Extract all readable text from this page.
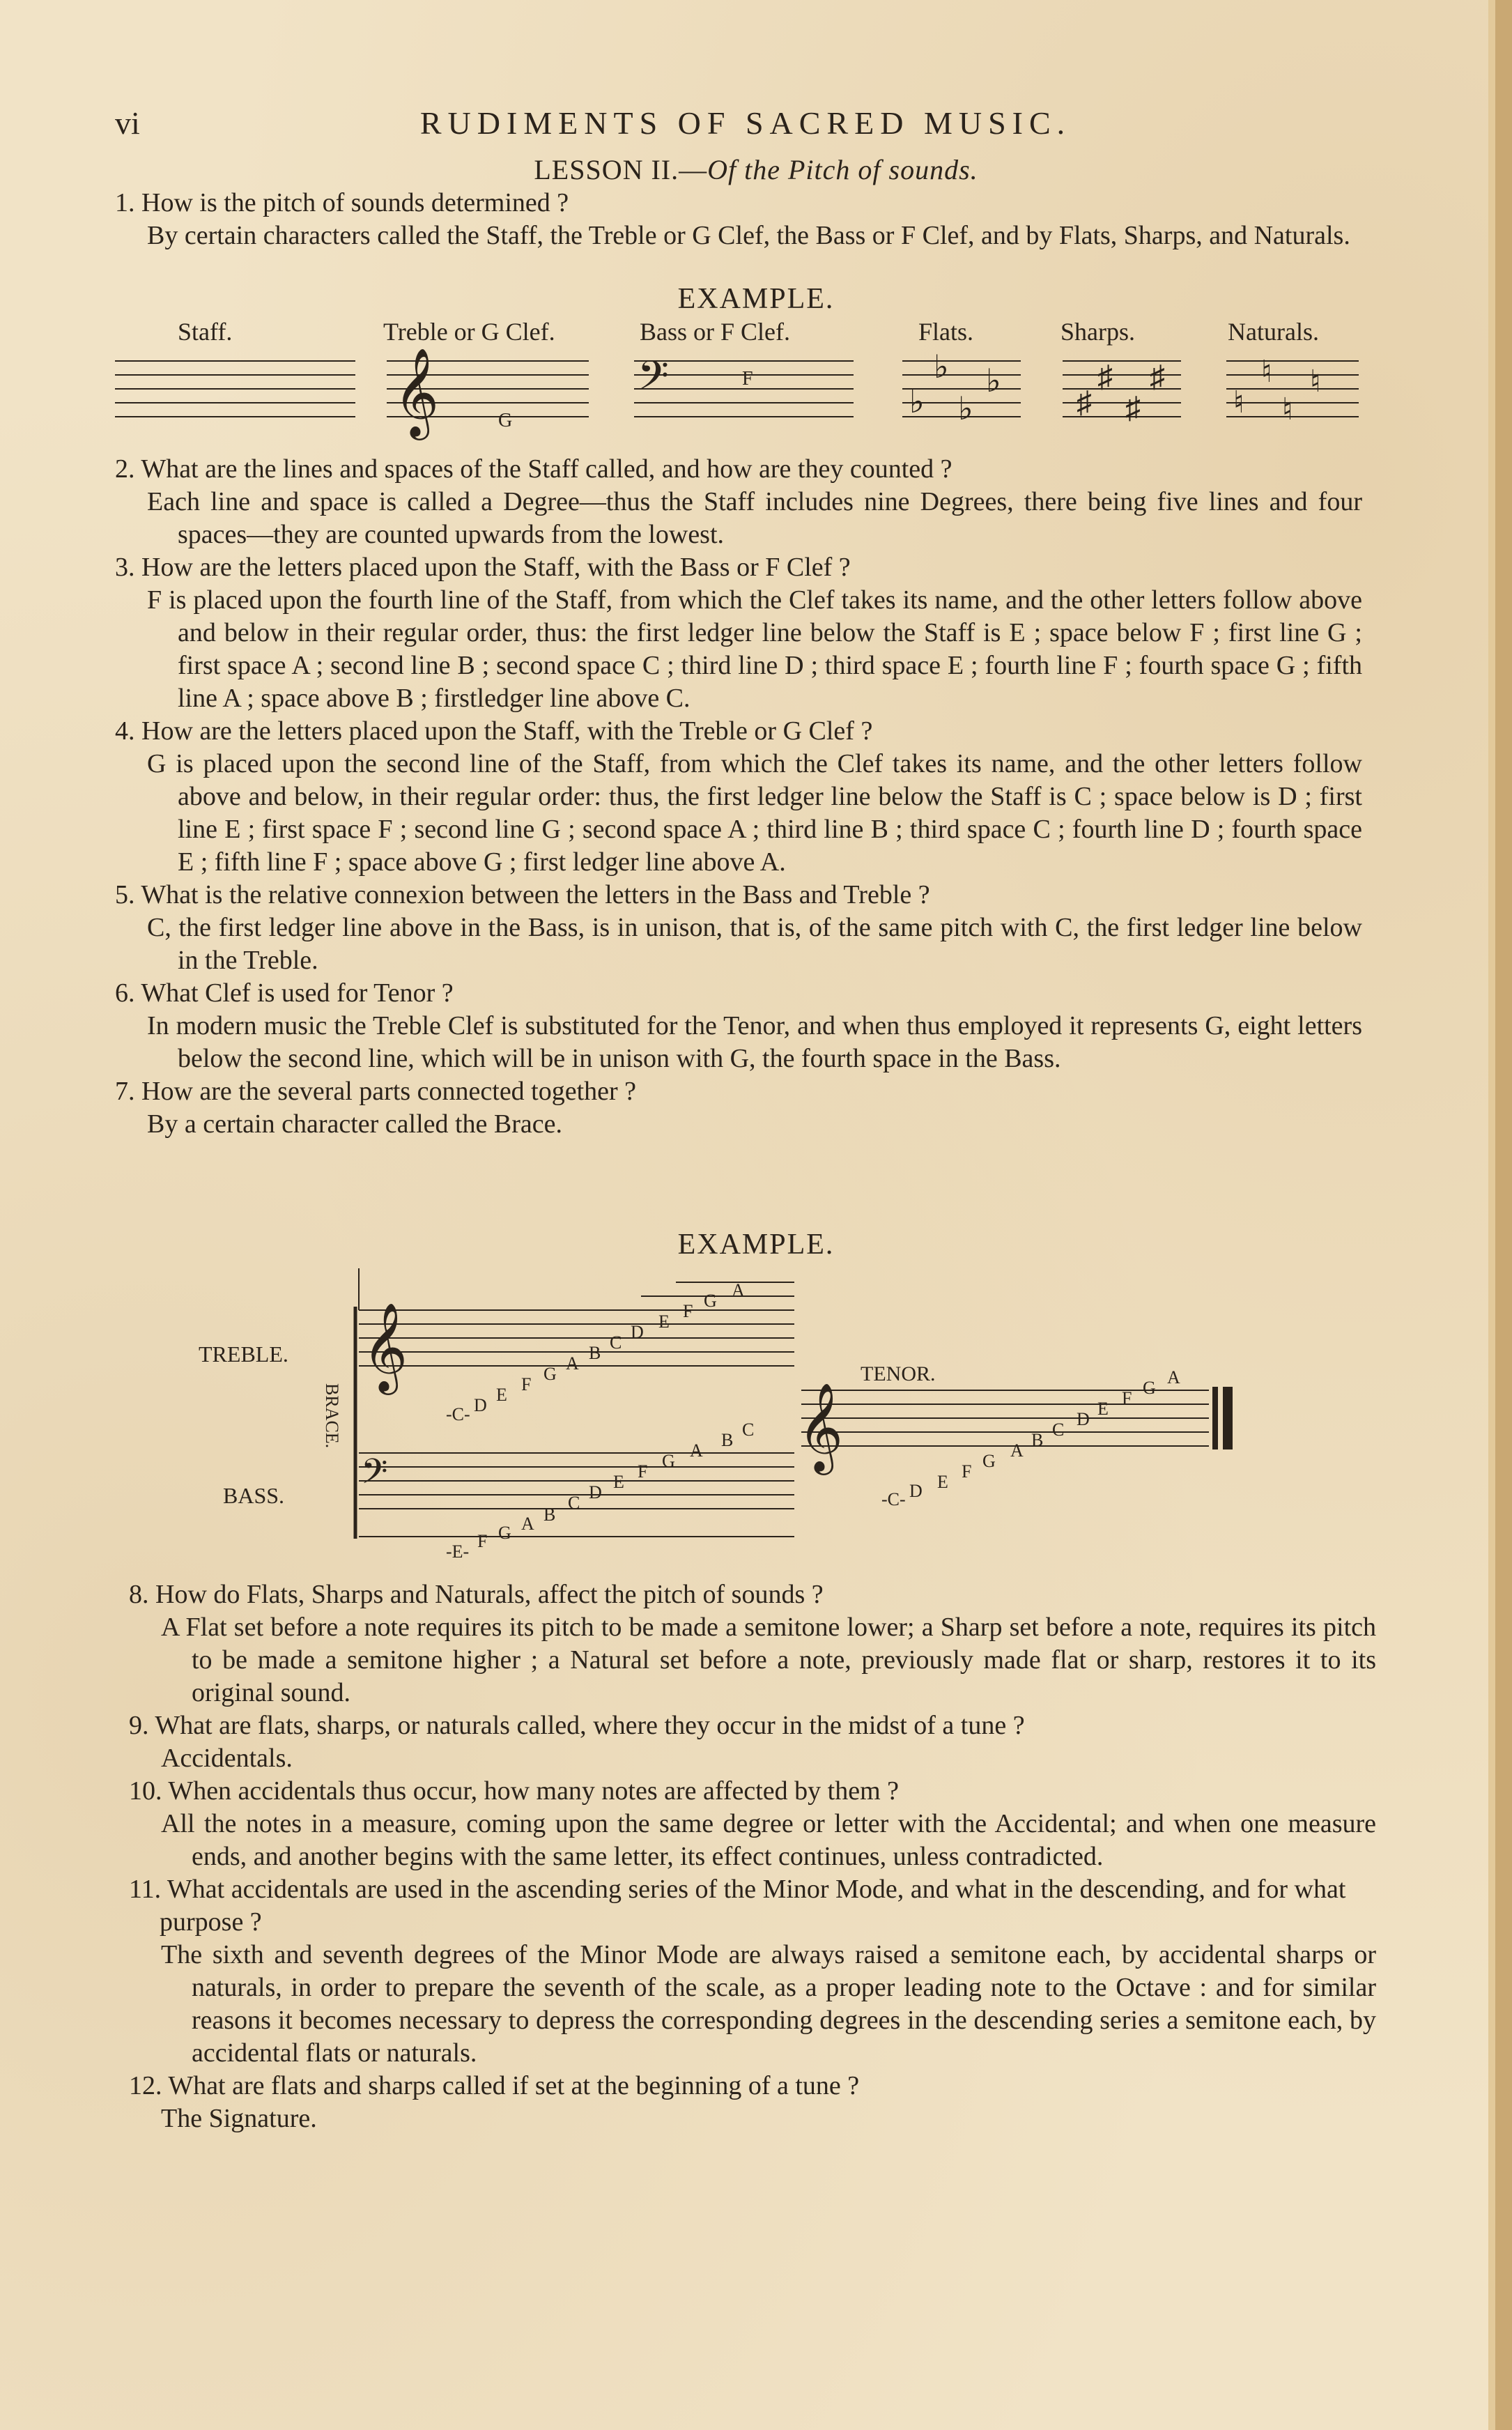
vi	RUDIMENTS OF SACRED MUSIC.
LESSON II.—Of the Pitch of sounds.
1. How is the pitch of sounds determined ?
By certain characters called the Staff, the Treble or G Clef, the Bass or F Clef, and by Flats, Sharps, and Naturals.
EXAMPLE.
Staff.	Treble or G Clef.	Bass or F Clef.	Flats.	Sharps.	Naturals.
𝄞	G
𝄢	F	♭ ♭
♭ ♭
♯ ♯
♯ ♯
♮ ♮
♮ ♮
2. What are the lines and spaces of the Staff called, and how are they counted ?
Each line and space is called a Degree—thus the Staff includes nine Degrees, there being five lines and four spaces—they are counted upwards from the lowest.
3. How are the letters placed upon the Staff, with the Bass or F Clef ?
F is placed upon the fourth line of the Staff, from which the Clef takes its name, and the other letters follow above and below in their regular order, thus: the first ledger line below the Staff is E ; space below F ; first line G ; first space A ; second line B ; second space C ; third line D ; third space E ; fourth line F ; fourth space G ; fifth line A ; space above B ; firstledger line above C.
4. How are the letters placed upon the Staff, with the Treble or G Clef ?
G is placed upon the second line of the Staff, from which the Clef takes its name, and the other letters follow above and below, in their regular order: thus, the first ledger line below the Staff is C ; space below is D ; first line E ; first space F ; second line G ; second space A ; third line B ; third space C ; fourth line D ; fourth space E ; fifth line F ; space above G ; first ledger line above A.
5. What is the relative connexion between the letters in the Bass and Treble ?
C, the first ledger line above in the Bass, is in unison, that is, of the same pitch with C, the first ledger line below in the Treble.
6. What Clef is used for Tenor ?
In modern music the Treble Clef is substituted for the Tenor, and when thus employed it represents G, eight letters below the second line, which will be in unison with G, the fourth space in the Bass.
7. How are the several parts connected together ?
By a certain character called the Brace.
EXAMPLE.
TREBLE.
BASS.
TENOR.
BRACE.
𝄞
𝄢
-C- D
E
F
G
A
B
C
D
E
F
G
A
-E-
F G A B
C
D
E
F
G
A
B
C 𝄞
-C- D E
F
G
A
B
C
D
E
F
G
A
8. How do Flats, Sharps and Naturals, affect the pitch of sounds ?
A Flat set before a note requires its pitch to be made a semitone lower; a Sharp set before a note, requires its pitch to be made a semitone higher ; a Natural set before a note, previously made flat or sharp, restores it to its original sound.
9. What are flats, sharps, or naturals called, where they occur in the midst of a tune ?
Accidentals.
10. When accidentals thus occur, how many notes are affected by them ?
All the notes in a measure, coming upon the same degree or letter with the Accidental; and when one measure ends, and another begins with the same letter, its effect continues, unless contradicted.
11. What accidentals are used in the ascending series of the Minor Mode, and what in the descending, and for what purpose ?
The sixth and seventh degrees of the Minor Mode are always raised a semitone each, by accidental sharps or naturals, in order to prepare the seventh of the scale, as a proper leading note to the Octave : and for similar reasons it becomes necessary to depress the corresponding degrees in the descending series a semitone each, by accidental flats or naturals.
12. What are flats and sharps called if set at the beginning of a tune ?
The Signature.
